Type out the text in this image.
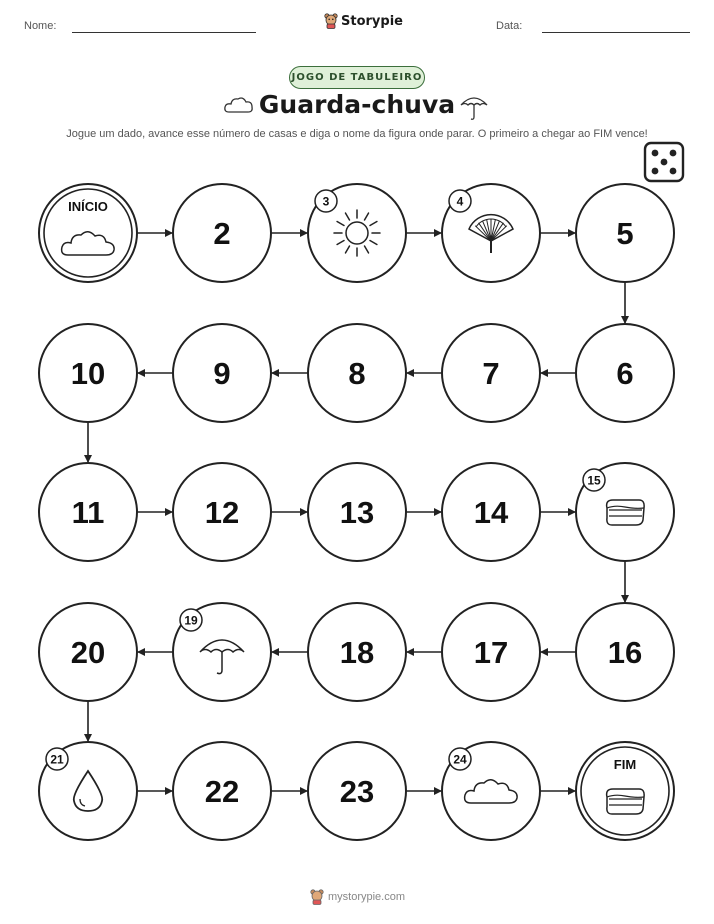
Nome:	Storypie	Data:
JOGO DE TABULEIRO
Guarda-chuva
Jogue um dado, avance esse número de casas e diga o nome da figura onde parar. O primeiro a chegar ao FIM vence!
INÍCIO
2
3	4
5
6
7
8
9
10
11	12	13	14
15
16
17
18
19
20
21
22	23
24	FIM
mystorypie.com
